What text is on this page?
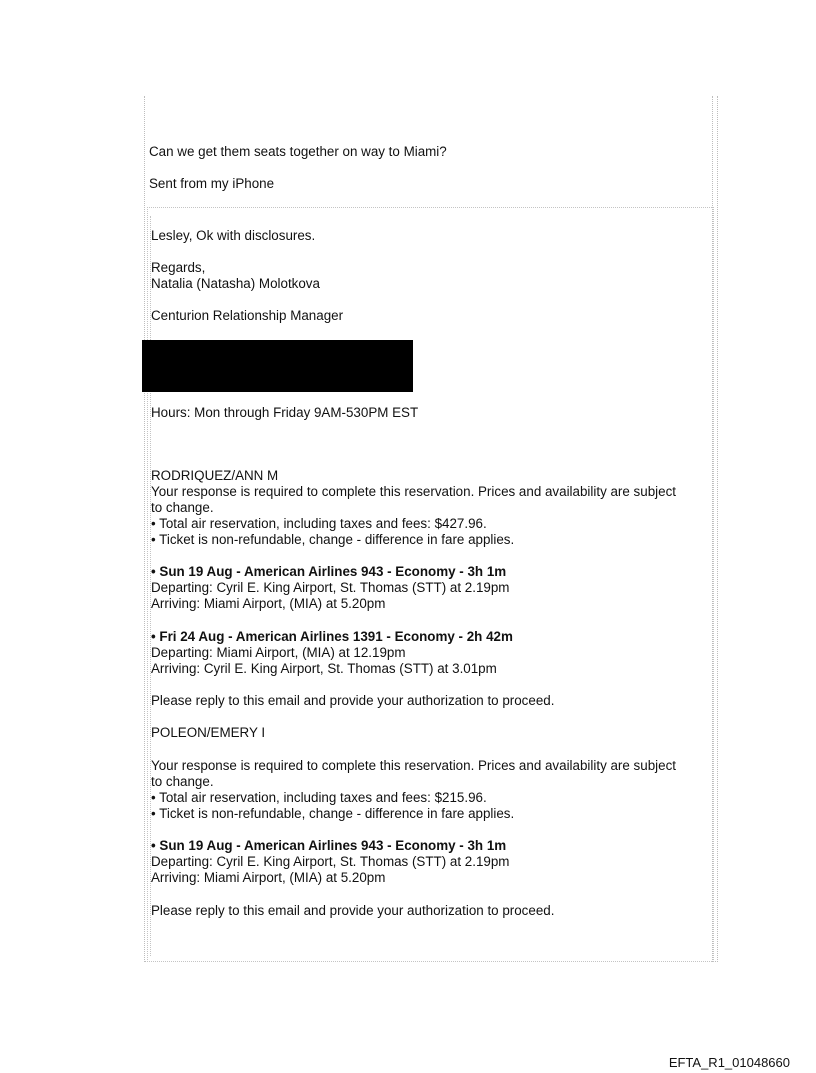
Can we get them seats together on way to Miami?
Sent from my iPhone
Lesley, Ok with disclosures.
Regards,
Natalia (Natasha) Molotkova
Centurion Relationship Manager
Hours: Mon through Friday 9AM-530PM EST
RODRIQUEZ/ANN M
Your response is required to complete this reservation. Prices and availability are subject
to change.
• Total air reservation, including taxes and fees: $427.96.
• Ticket is non-refundable, change - difference in fare applies.
• Sun 19 Aug - American Airlines 943 - Economy - 3h 1m
Departing: Cyril E. King Airport, St. Thomas (STT) at 2.19pm
Arriving: Miami Airport, (MIA) at 5.20pm
• Fri 24 Aug - American Airlines 1391 - Economy - 2h 42m
Departing: Miami Airport, (MIA) at 12.19pm
Arriving: Cyril E. King Airport, St. Thomas (STT) at 3.01pm
Please reply to this email and provide your authorization to proceed.
POLEON/EMERY I
Your response is required to complete this reservation. Prices and availability are subject
to change.
• Total air reservation, including taxes and fees: $215.96.
• Ticket is non-refundable, change - difference in fare applies.
• Sun 19 Aug - American Airlines 943 - Economy - 3h 1m
Departing: Cyril E. King Airport, St. Thomas (STT) at 2.19pm
Arriving: Miami Airport, (MIA) at 5.20pm
Please reply to this email and provide your authorization to proceed.
EFTA_R1_01048660
